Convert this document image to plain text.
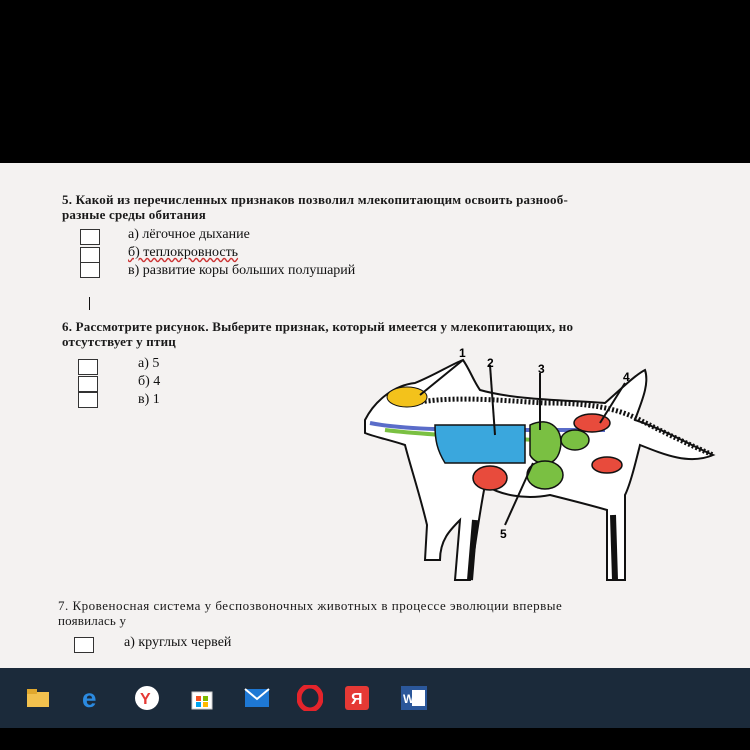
5. Какой из перечисленных признаков позволил млекопитающим освоить разнооб-
разные среды обитания
а) лёгочное дыхание
б) теплокровность
в) развитие коры больших полушарий
6. Рассмотрите рисунок. Выберите признак, который имеется у млекопитающих, но
отсутствует у птиц
а) 5
б) 4
в) 1
7. Кровеносная система у беспозвоночных животных в процессе эволюции впервые
появилась у
а) круглых червей
1
2	3
4
5
e	Y	Я	W
